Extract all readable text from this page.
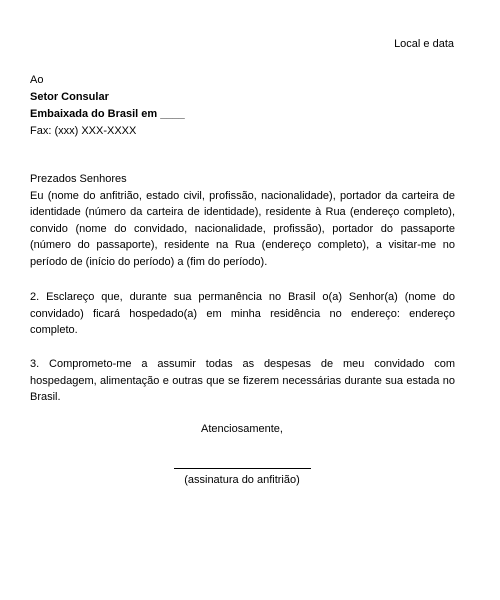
Local e data
Ao
Setor Consular
Embaixada do Brasil em ____
Fax: (xxx) XXX-XXXX
Prezados Senhores
Eu (nome do anfitrião, estado civil, profissão, nacionalidade), portador da carteira de identidade (número da carteira de identidade), residente à Rua (endereço completo), convido (nome do convidado, nacionalidade, profissão), portador do passaporte (número do passaporte), residente na Rua (endereço completo), a visitar-me no período de (início do período) a (fim do período).
2. Esclareço que, durante sua permanência no Brasil o(a) Senhor(a) (nome do convidado) ficará hospedado(a) em minha residência no endereço: endereço completo.
3. Comprometo-me a assumir todas as despesas de meu convidado com hospedagem, alimentação e outras que se fizerem necessárias durante sua estada no Brasil.
Atenciosamente,
(assinatura do anfitrião)
